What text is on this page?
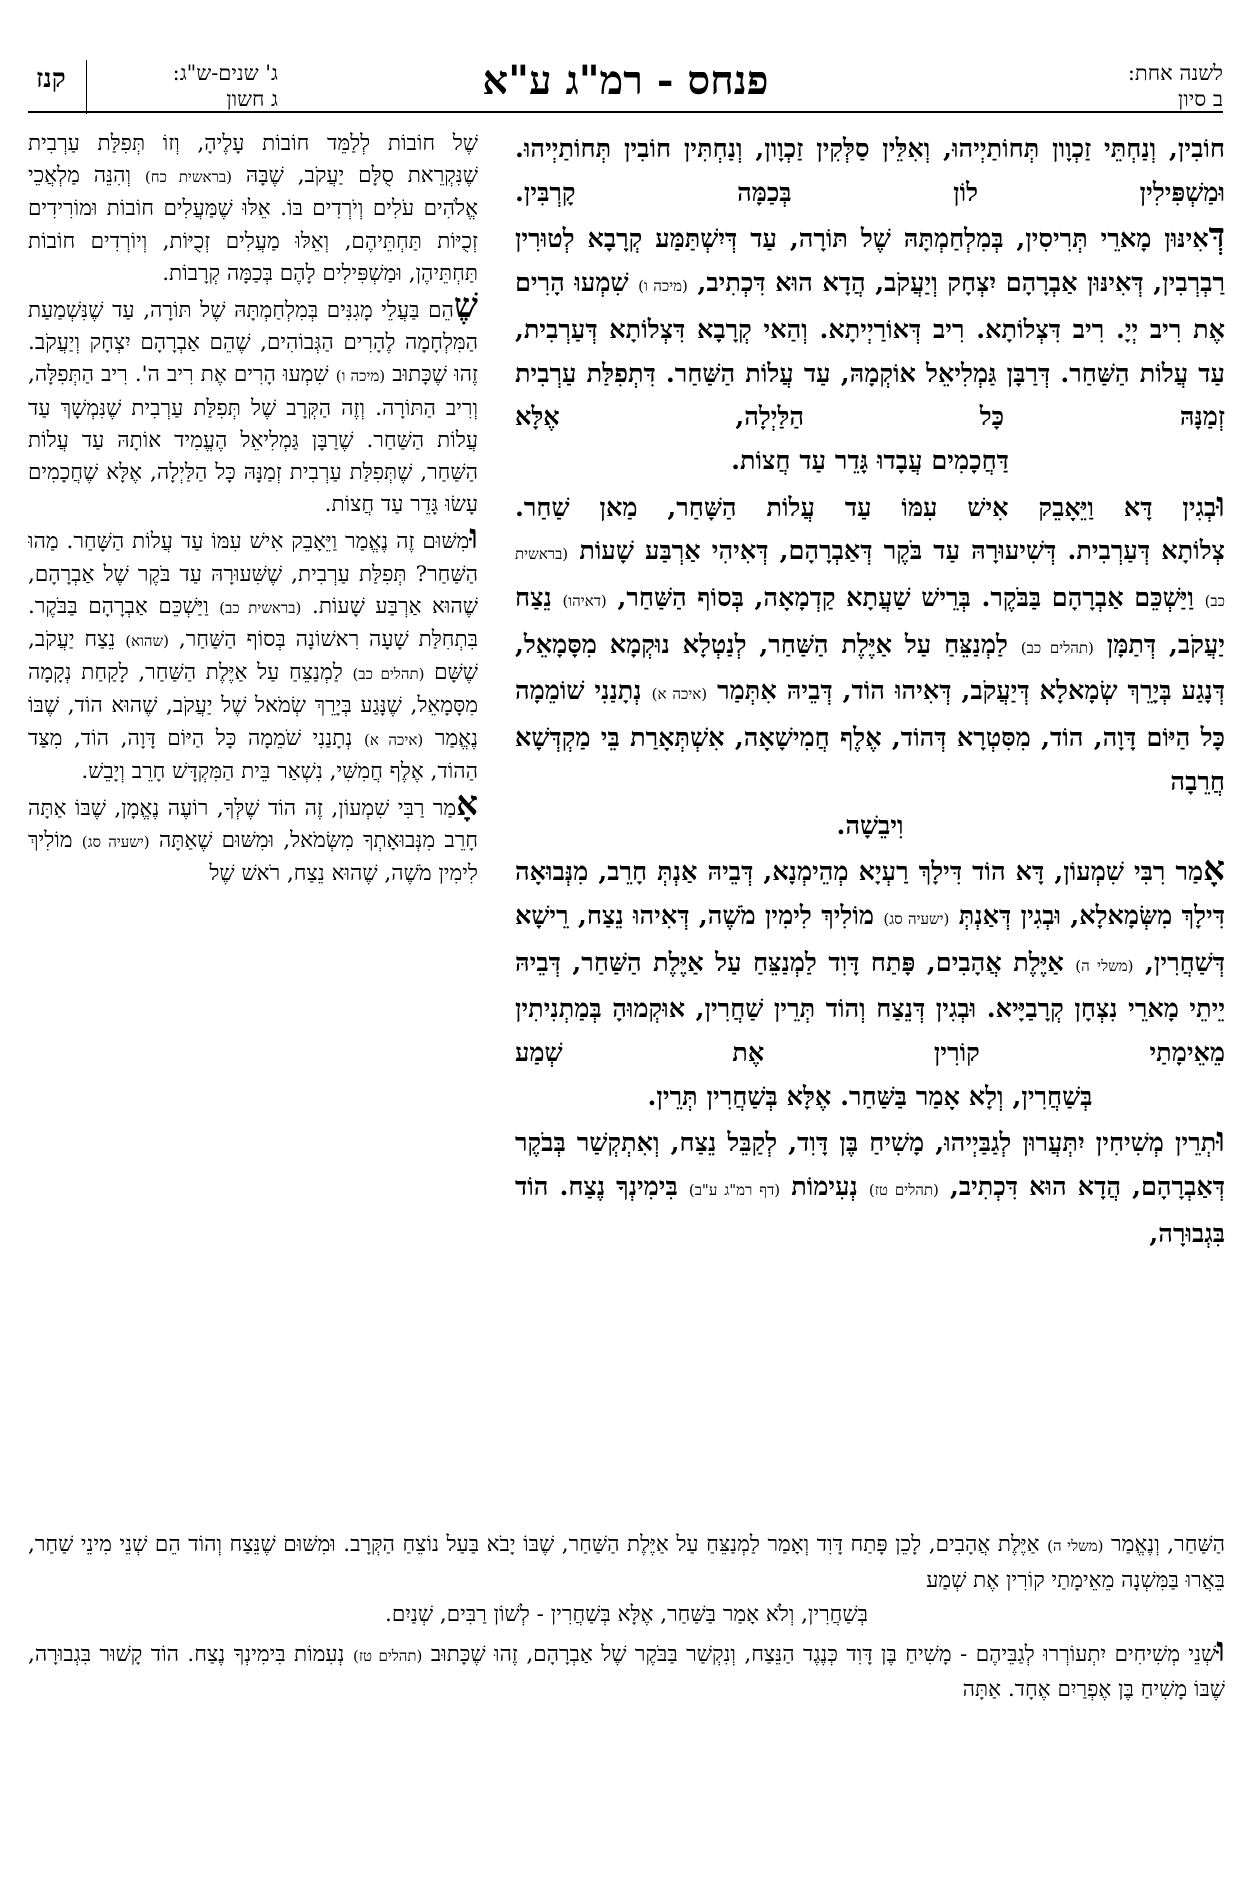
לשנה אחת:
ב סיון
פנחס - רמ"ג ע"א
ג' שנים-ש"ג:
ג חשון
קנז

חוֹבִין, וְנַחְתֵּי זַכְוָון תְּחוֹתַיְיהוּ, וְאִלֵּין סַלְּקִין זַכְוָון, וְנַחְתִּין חוֹבִין תְּחוֹתַיְיהוּ. וּמַשְׁפִּילִין לוֹן בְּכַמָּה קָרְבִּין.

דְּאִינּוּן מָארֵי תְּרִיסִין, בְּמִלְחַמְתָּהּ שֶׁל תּוֹרָה, עַד דְּיִשְׁתַּמַּע קְרָבָא לְטוּרִין רַבְרְבִין, דְּאִינּוּן אַבְרָהָם יִצְחָק וְיַעֲקֹב, הֲדָא הוּא דִּכְתִיב, (מיכה ו) שִׁמְעוּ הָרִים אֶת רִיב יְיָ. רִיב דִּצְלוֹתָא. רִיב דְּאוֹרַיְיתָא. וְהַאי קְרָבָא דִּצְלוֹתָא דְּעַרְבִית, עַד עֲלוֹת הַשַּׁחַר. דְּרַבָּן גַּמְלִיאֵל אוֹקְמָהּ, עַד עֲלוֹת הַשַּׁחַר. דִּתְפִלַּת עַרְבִית זְמַנָּהּ כָּל הַלַּיְלָה, אֶלָּא

דַּחֲכָמִים עֲבָדוּ גָּדֵר עַד חֲצוֹת.

וּבְגִין דָּא וַיֵּאָבֵק אִישׁ עִמּוֹ עַד עֲלוֹת הַשָּׁחַר, מַאן שַׁחַר.

צְלוֹתָא דְּעַרְבִית. דְּשִׁיעוּרָהּ עַד בֹּקֶר דְּאַבְרָהָם, דְּאִיהִי אַרְבַּע שָׁעוֹת (בראשית כב) וַיַּשְׁכֵּם אַבְרָהָם בַּבֹּקֶר. בְּרֵישׁ שַׁעֲתָא קַדְמָאָה, בְּסוֹף הַשַּׁחַר, (דאיהו) נֵצַח יַעֲקֹב, דְּתַמָּן (תהלים כב) לַמְנַצֵּחַ עַל אַיֶּלֶת הַשַּׁחַר, לְנַטְלָא נוּקְמָא מִסָּמָאֵל, דְּנָגַע בְּיָרֵךְ שְׂמָאלָא דְּיַעֲקֹב, דְּאִיהוּ הוֹד, דְּבֵיהּ אִתְּמַר (איכה א) נְתָנַנִי שׁוֹמֵמָה כָּל הַיּוֹם דָּוָה, הוֹד, מִסִּטְרָא דְּהוֹד, אֶלֶף חֲמִישָׁאָה, אִשְׁתְּאָרַת בֵּי מַקְדְּשָׁא חֲרֵבָה

וִיבֵשָׁה.

אָמַר רִבִּי שִׁמְעוֹן, דָּא הוֹד דִּילָךְ רַעְיָא מְהֵימְנָא, דְּבֵיהּ אַנְתְּ חָרֵב, מִנְּבוּאָה דִּילָךְ מִשְּׂמָאלָא, וּבְגִין דְּאַנְתְּ (ישעיה סג) מוֹלִיךְ לִימִין מֹשֶׁה, דְּאִיהוּ נֵצַח, רֵישָׁא דְּשַׁחֲרִין, (משלי ה) אַיֶּלֶת אֲהָבִים, פָּתַח דָּוִד לַמְנַצֵּחַ עַל אַיֶּלֶת הַשַּׁחַר, דְּבֵיהּ יֵיתֵי מָארֵי נִצְחָן קְרָבַיָּיא. וּבְגִין דְּנֵצַח וְהוֹד תְּרֵין שַׁחֲרִין, אוּקְמוּהָ בְּמַתְנִיתִין מֵאֵימָתַי קוֹרִין אֶת שְׁמַע

בְּשַׁחֲרִין, וְלָא אָמַר בַּשַּׁחַר. אֶלָּא בְּשַׁחֲרִין תְּרֵין.

וּתְרֵין מְשִׁיחִין יִתְּעֲרוּן לְגַבַּיְיהוּ, מָשִׁיחַ בֶּן דָּוִד, לְקַבֵּל נֵצַח, וְאִתְקְשַׁר בְּבֹקֶר דְּאַבְרָהָם, הֲדָא הוּא דִּכְתִיב, (תהלים טז) נְעִימוֹת (דף רמ"ג ע"ב) בִּימִינְךָ נֶצַח. הוֹד בִּגְבוּרָה,

שֶׁל חוֹבוֹת לְלַמֵּד חוֹבוֹת עָלֶיהָ, וְזוֹ תְּפִלַּת עַרְבִית שֶׁנִּקְרֵאת סֻלָּם יַעֲקֹב, שֶׁבָּהּ (בראשית כח) וְהִנֵּה מַלְאֲכֵי אֱלֹהִים עֹלִים וְיֹרְדִים בּוֹ. אֵלּוּ שֶׁמַּעֲלִים חוֹבוֹת וּמוֹרִידִים זְכֻיּוֹת תַּחְתֵּיהֶם, וְאֵלּוּ מַעֲלִים זְכֻיּוֹת, וְיוֹרְדִים חוֹבוֹת תַּחְתֵּיהֶן, וּמַשְׁפִּילִים לָהֶם בְּכַמָּה קְרָבוֹת.

שֶׁהֵם בַּעֲלֵי מָגִנִּים בְּמִלְחַמְתָּהּ שֶׁל תּוֹרָה, עַד שֶׁנִּשְׁמַעַת הַמִּלְחָמָה לֶהָרִים הַגְּבוֹהִים, שֶׁהֵם אַבְרָהָם יִצְחָק וְיַעֲקֹב. זֶהוּ שֶׁכָּתוּב (מיכה ו) שִׁמְעוּ הָרִים אֶת רִיב ה'. רִיב הַתְּפִלָּה, וְרִיב הַתּוֹרָה. וְזֶה הַקְּרָב שֶׁל תְּפִלַּת עַרְבִית שֶׁנִּמְשָׁךְ עַד עֲלוֹת הַשַּׁחַר. שֶׁרַבָּן גַּמְלִיאֵל הֶעֱמִיד אוֹתָהּ עַד עֲלוֹת הַשַּׁחַר, שֶׁתְּפִלַּת עַרְבִית זְמַנָּהּ כָּל הַלַּיְלָה, אֶלָּא שֶׁחֲכָמִים עָשׂוּ גָּדֵר עַד חֲצוֹת.

וּמִשּׁוּם זֶה נֶאֱמַר וַיֵּאָבֵק אִישׁ עִמּוֹ עַד עֲלוֹת הַשָּׁחַר. מַהוּ הַשַּׁחַר? תְּפִלַּת עַרְבִית, שֶׁשִּׁעוּרָהּ עַד בֹּקֶר שֶׁל אַבְרָהָם, שֶׁהוּא אַרְבַּע שָׁעוֹת. (בראשית כב) וַיַּשְׁכֵּם אַבְרָהָם בַּבֹּקֶר. בִּתְחִלַּת שָׁעָה רִאשׁוֹנָה בְּסוֹף הַשַּׁחַר, (שהוא) נֵצַח יַעֲקֹב, שֶׁשָּׁם (תהלים כב) לַמְנַצֵּחַ עַל אַיֶּלֶת הַשַּׁחַר, לָקַחַת נְקָמָה מִסָּמָאֵל, שֶׁנָּגַע בְּיָרֵךְ שְׂמֹאל שֶׁל יַעֲקֹב, שֶׁהוּא הוֹד, שֶׁבּוֹ נֶאֱמַר (איכה א) נְתָנַנִי שֹׁמֵמָה כָּל הַיּוֹם דָּוָה, הוֹד, מִצַּד הַהוֹד, אֶלֶף חֲמִשִּׁי, נִשְׁאַר בֵּית הַמִּקְדָּשׁ חָרֵב וְיָבֵשׁ.

אָמַר רַבִּי שִׁמְעוֹן, זֶה הוֹד שֶׁלְּךָ, רוֹעֶה נֶאֱמָן, שֶׁבּוֹ אַתָּה חָרֵב מִנְּבוּאָתְךָ מִשְּׂמֹאל, וּמִשּׁוּם שֶׁאַתָּה (ישעיה סג) מוֹלִיךְ לִימִין מֹשֶׁה, שֶׁהוּא נֵצַח, רֹאשׁ שֶׁל

הַשַּׁחַר, וְנֶאֱמַר (משלי ה) אַיֶּלֶת אֲהָבִים, לָכֵן פָּתַח דָּוִד וְאָמַר לַמְנַצֵּחַ עַל אַיֶּלֶת הַשַּׁחַר, שֶׁבּוֹ יָבֹא בַּעַל נוֹצֵחַ הַקְּרָב. וּמִשּׁוּם שֶׁנֵּצַח וְהוֹד הֵם שְׁנֵי מִינֵי שַׁחַר, בֵּאֲרוּ בַּמִּשְׁנָה מֵאֵימָתַי קוֹרִין אֶת שְׁמַע

בְּשַׁחֲרִין, וְלֹא אָמַר בַּשַּׁחַר, אֶלָּא בְּשַׁחֲרִין - לְשׁוֹן רַבִּים, שְׁנַיִם.

וּשְׁנֵי מְשִׁיחִים יִתְעוֹרְרוּ לְגַבֵּיהֶם - מָשִׁיחַ בֶּן דָּוִד כְּנֶגֶד הַנֵּצַח, וְנִקְשַׁר בַּבֹּקֶר שֶׁל אַבְרָהָם, זֶהוּ שֶׁכָּתוּב (תהלים טז) נְעִמוֹת בִּימִינְךָ נֶצַח. הוֹד קָשׁוּר בִּגְבוּרָה, שֶׁבּוֹ מָשִׁיחַ בֶּן אֶפְרַיִם אֶחָד. אַתָּה
